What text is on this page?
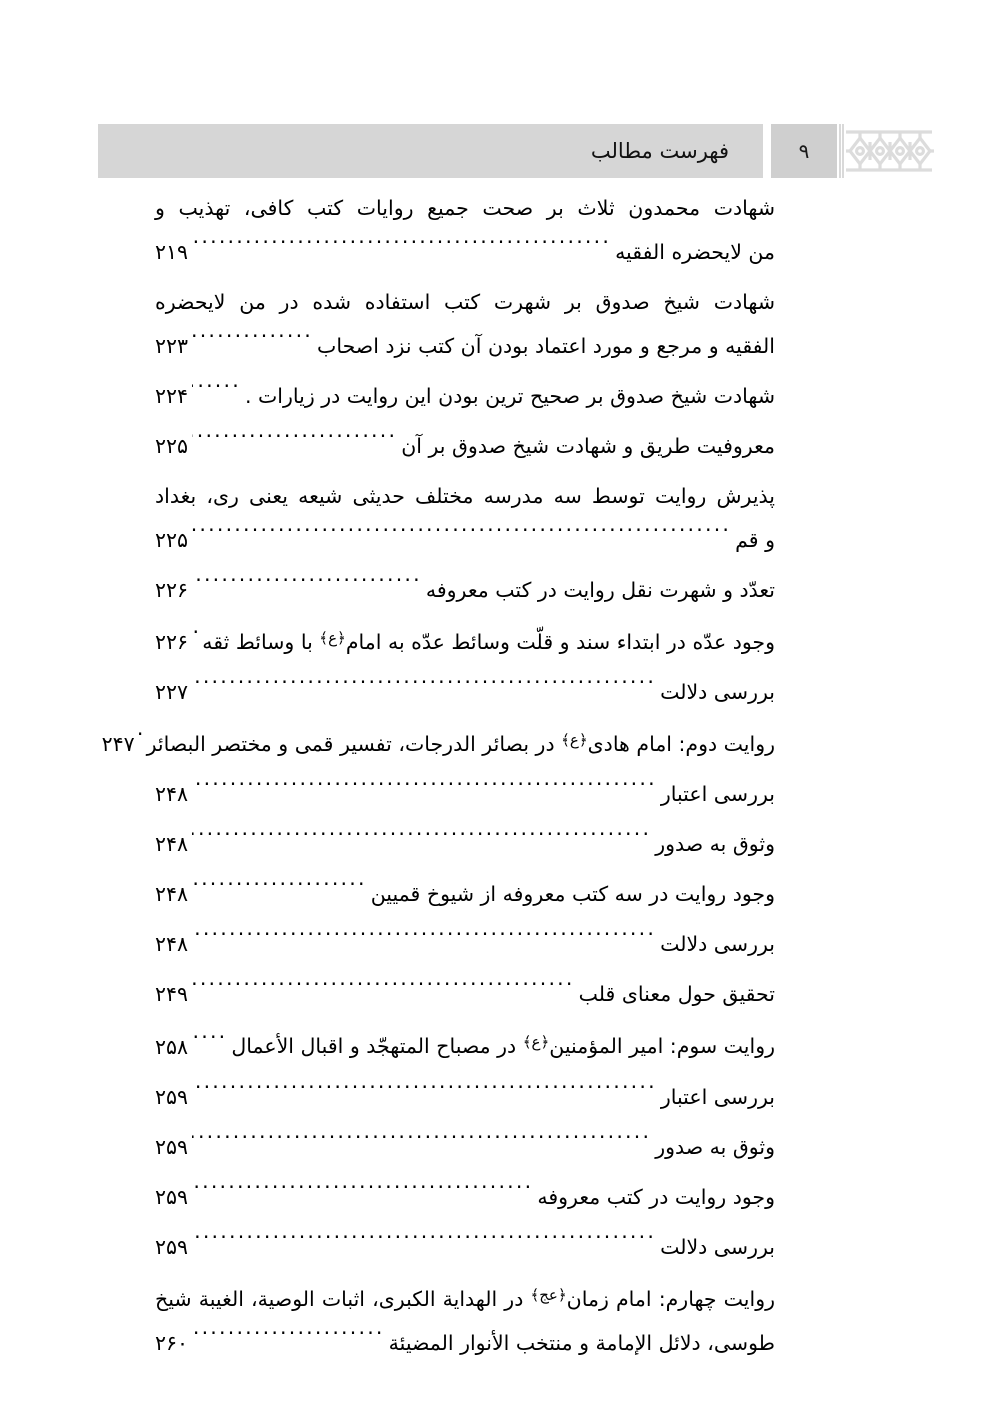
۹
فهرست مطالب
شهادت محمدون ثلاث بر صحت جمیع روایات کتب کافی، تهذیب و
من لایحضره الفقیه
.....
۲۱۹
شهادت شیخ صدوق بر شهرت کتب استفاده شده در من لایحضره
الفقیه و مرجع و مورد اعتماد بودن آن کتب نزد اصحاب
.....
۲۲۳
شهادت شیخ صدوق بر صحیح ترین بودن این روایت در زیارات .
.....
۲۲۴
معروفیت طریق و شهادت شیخ صدوق بر آن
.....
۲۲۵
پذیرش روایت توسط سه مدرسه مختلف حدیثی شیعه یعنی ری، بغداد
و قم
.....
۲۲۵
تعدّد و شهرت نقل روایت در کتب معروفه
.....
۲۲۶
وجود عدّه در ابتداء سند و قلّت وسائط عدّه به امام﴿ع﴾ با وسائط ثقه
.....
۲۲۶
بررسی دلالت
.....
۲۲۷
روایت دوم: امام هادی﴿ع﴾ در بصائر الدرجات، تفسیر قمی و مختصر البصائر
.....
۲۴۷
بررسی اعتبار
.....
۲۴۸
وثوق به صدور
.....
۲۴۸
وجود روایت در سه کتب معروفه از شیوخ قمیین
.....
۲۴۸
بررسی دلالت
.....
۲۴۸
تحقیق حول معنای قلب
.....
۲۴۹
روایت سوم: امیر المؤمنین﴿ع﴾ در مصباح المتهجّد و اقبال الأعمال
.....
۲۵۸
بررسی اعتبار
.....
۲۵۹
وثوق به صدور
.....
۲۵۹
وجود روایت در کتب معروفه
.....
۲۵۹
بررسی دلالت
.....
۲۵۹
روایت چهارم: امام زمان﴿عج﴾ در الهدایة الکبری، اثبات الوصیة، الغیبة شیخ
طوسی، دلائل الإمامة و منتخب الأنوار المضیئة
.....
۲۶۰
